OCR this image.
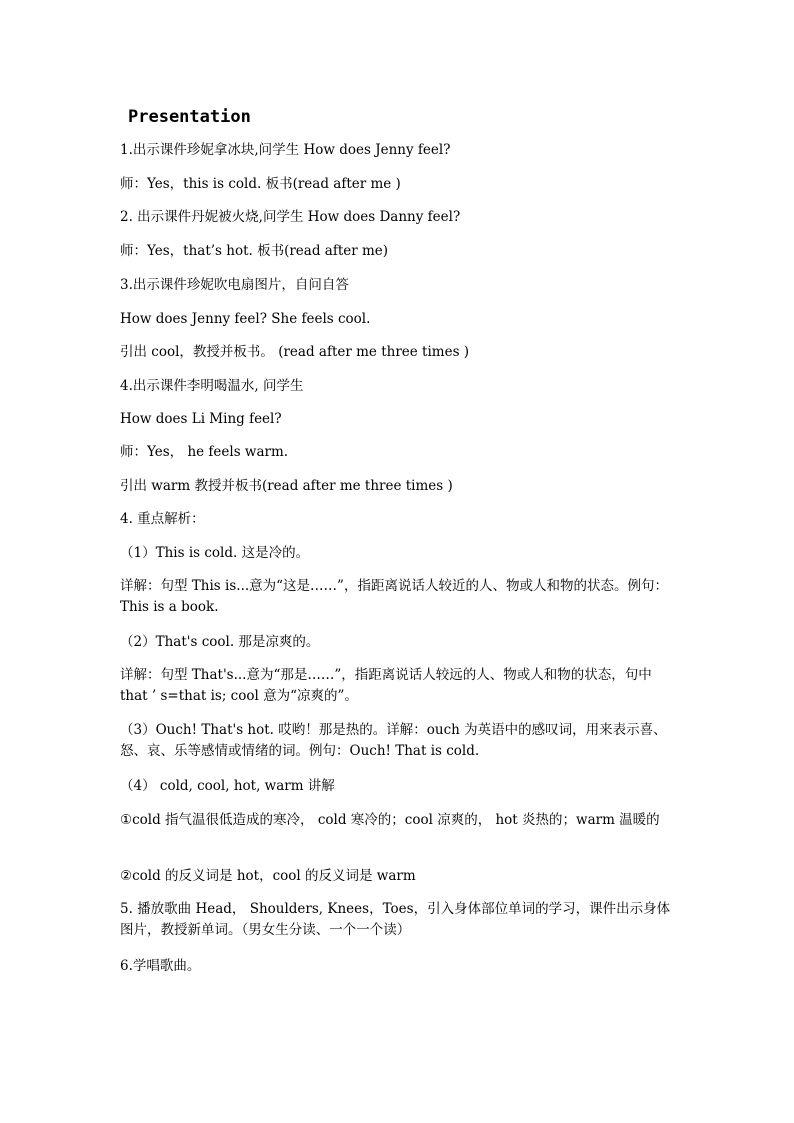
Presentation
1.出示课件珍妮拿冰块,问学生 How does Jenny feel?
师：Yes，this is cold. 板书(read after me )
2. 出示课件丹妮被火烧,问学生 How does Danny feel?
师：Yes，that’s hot. 板书(read after me)
3.出示课件珍妮吹电扇图片，自问自答
How does Jenny feel? She feels cool.
引出 cool，教授并板书。 (read after me three times )
4.出示课件李明喝温水, 问学生
How does Li Ming feel?
师：Yes， he feels warm.
引出 warm 教授并板书(read after me three times )
4. 重点解析：
（1）This is cold. 这是冷的。
详解：句型 This is...意为“这是……”，指距离说话人较近的人、物或人和物的状态。例句： This is a book.
（2）That's cool. 那是凉爽的。
详解：句型 That's...意为“那是……”，指距离说话人较远的人、物或人和物的状态，句中 that ’ s=that is; cool 意为“凉爽的”。
（3）Ouch! That's hot. 哎哟！那是热的。详解：ouch 为英语中的感叹词，用来表示喜、怒、哀、乐等感情或情绪的词。例句：Ouch! That is cold.
（4） cold, cool, hot, warm 讲解
①cold 指气温很低造成的寒冷， cold 寒冷的；cool 凉爽的， hot 炎热的；warm 温暖的
②cold 的反义词是 hot，cool 的反义词是 warm
5. 播放歌曲 Head， Shoulders, Knees，Toes，引入身体部位单词的学习，课件出示身体图片，教授新单词。（男女生分读、一个一个读）
6.学唱歌曲。
